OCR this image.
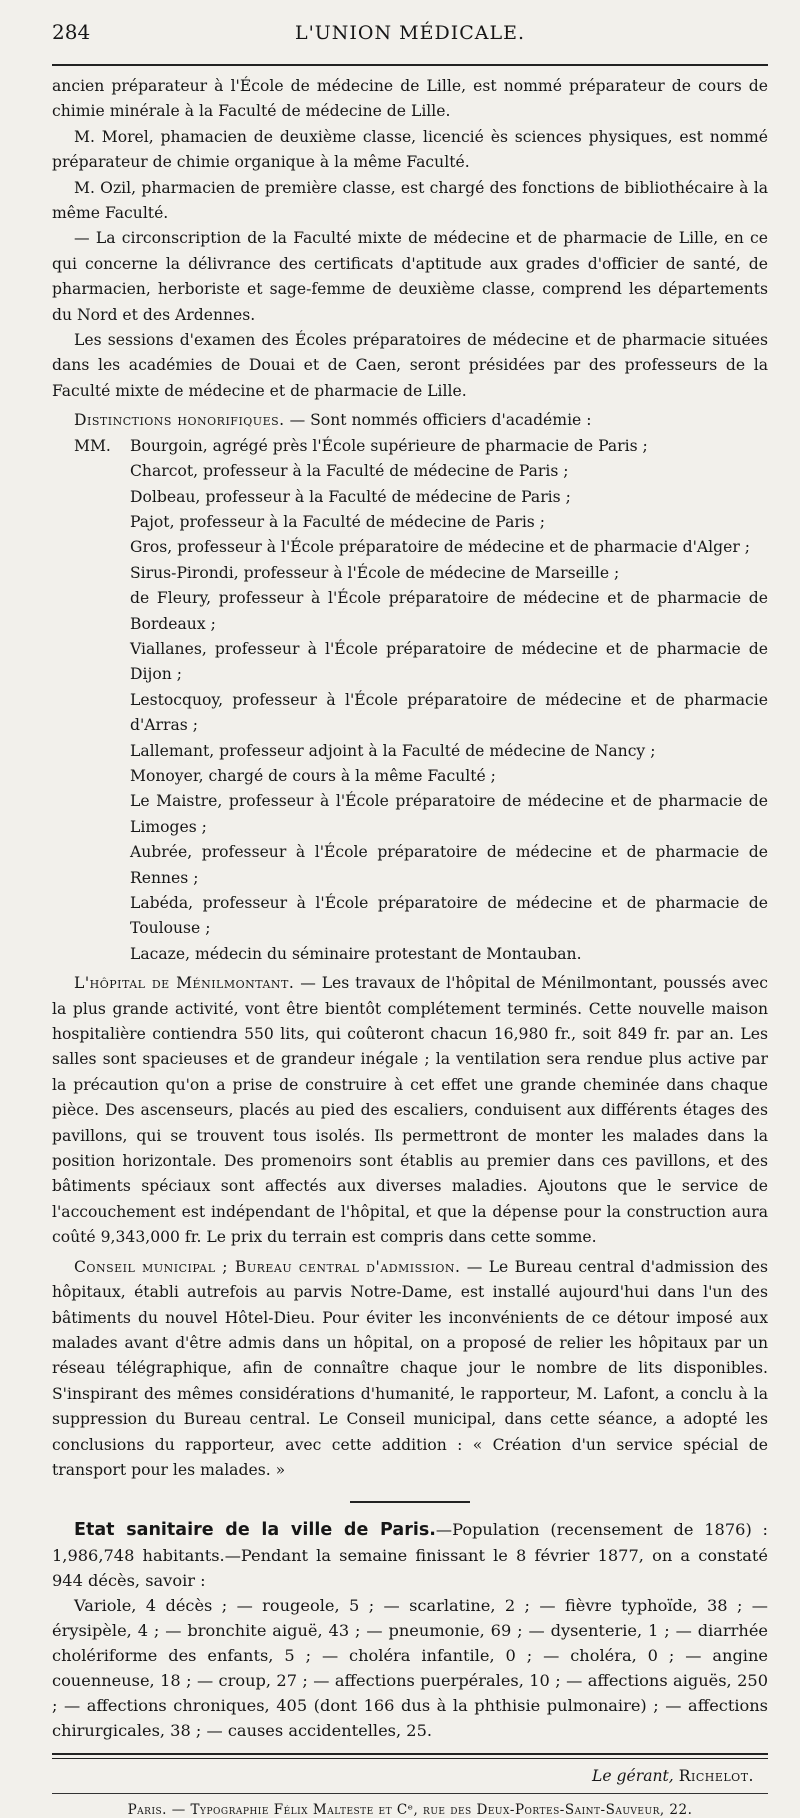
284	L'UNION MÉDICALE.

ancien préparateur à l'École de médecine de Lille, est nommé préparateur de cours de chimie minérale à la Faculté de médecine de Lille.

M. Morel, phamacien de deuxième classe, licencié ès sciences physiques, est nommé préparateur de chimie organique à la même Faculté.

M. Ozil, pharmacien de première classe, est chargé des fonctions de bibliothécaire à la même Faculté.

— La circonscription de la Faculté mixte de médecine et de pharmacie de Lille, en ce qui concerne la délivrance des certificats d'aptitude aux grades d'officier de santé, de pharmacien, herboriste et sage-femme de deuxième classe, comprend les départements du Nord et des Ardennes.

Les sessions d'examen des Écoles préparatoires de médecine et de pharmacie situées dans les académies de Douai et de Caen, seront présidées par des professeurs de la Faculté mixte de médecine et de pharmacie de Lille.

Distinctions honorifiques. — Sont nommés officiers d'académie :

MM. Bourgoin, agrégé près l'École supérieure de pharmacie de Paris ;
Charcot, professeur à la Faculté de médecine de Paris ;
Dolbeau, professeur à la Faculté de médecine de Paris ;
Pajot, professeur à la Faculté de médecine de Paris ;
Gros, professeur à l'École préparatoire de médecine et de pharmacie d'Alger ;
Sirus-Pirondi, professeur à l'École de médecine de Marseille ;
de Fleury, professeur à l'École préparatoire de médecine et de pharmacie de Bordeaux ;
Viallanes, professeur à l'École préparatoire de médecine et de pharmacie de Dijon ;
Lestocquoy, professeur à l'École préparatoire de médecine et de pharmacie d'Arras ;
Lallemant, professeur adjoint à la Faculté de médecine de Nancy ;
Monoyer, chargé de cours à la même Faculté ;
Le Maistre, professeur à l'École préparatoire de médecine et de pharmacie de Limoges ;
Aubrée, professeur à l'École préparatoire de médecine et de pharmacie de Rennes ;
Labéda, professeur à l'École préparatoire de médecine et de pharmacie de Toulouse ;
Lacaze, médecin du séminaire protestant de Montauban.

L'hôpital de Ménilmontant. — Les travaux de l'hôpital de Ménilmontant, poussés avec la plus grande activité, vont être bientôt complétement terminés. Cette nouvelle maison hospitalière contiendra 550 lits, qui coûteront chacun 16,980 fr., soit 849 fr. par an. Les salles sont spacieuses et de grandeur inégale ; la ventilation sera rendue plus active par la précaution qu'on a prise de construire à cet effet une grande cheminée dans chaque pièce. Des ascenseurs, placés au pied des escaliers, conduisent aux différents étages des pavillons, qui se trouvent tous isolés. Ils permettront de monter les malades dans la position horizontale. Des promenoirs sont établis au premier dans ces pavillons, et des bâtiments spéciaux sont affectés aux diverses maladies. Ajoutons que le service de l'accouchement est indépendant de l'hôpital, et que la dépense pour la construction aura coûté 9,343,000 fr. Le prix du terrain est compris dans cette somme.

Conseil municipal ; Bureau central d'admission. — Le Bureau central d'admission des hôpitaux, établi autrefois au parvis Notre-Dame, est installé aujourd'hui dans l'un des bâtiments du nouvel Hôtel-Dieu. Pour éviter les inconvénients de ce détour imposé aux malades avant d'être admis dans un hôpital, on a proposé de relier les hôpitaux par un réseau télégraphique, afin de connaître chaque jour le nombre de lits disponibles. S'inspirant des mêmes considérations d'humanité, le rapporteur, M. Lafont, a conclu à la suppression du Bureau central. Le Conseil municipal, dans cette séance, a adopté les conclusions du rapporteur, avec cette addition : « Création d'un service spécial de transport pour les malades. »

Etat sanitaire de la ville de Paris.—Population (recensement de 1876) : 1,986,748 habitants.—Pendant la semaine finissant le 8 février 1877, on a constaté 944 décès, savoir :

Variole, 4 décès ; — rougeole, 5 ; — scarlatine, 2 ; — fièvre typhoïde, 38 ; — érysipèle, 4 ; — bronchite aiguë, 43 ; — pneumonie, 69 ; — dysenterie, 1 ; — diarrhée cholériforme des enfants, 5 ; — choléra infantile, 0 ; — choléra, 0 ; — angine couenneuse, 18 ; — croup, 27 ; — affections puerpérales, 10 ; — affections aiguës, 250 ; — affections chroniques, 405 (dont 166 dus à la phthisie pulmonaire) ; — affections chirurgicales, 38 ; — causes accidentelles, 25.

Le gérant, Richelot.
Paris. — Typographie Félix Malteste et Cᵉ, rue des Deux-Portes-Saint-Sauveur, 22.
